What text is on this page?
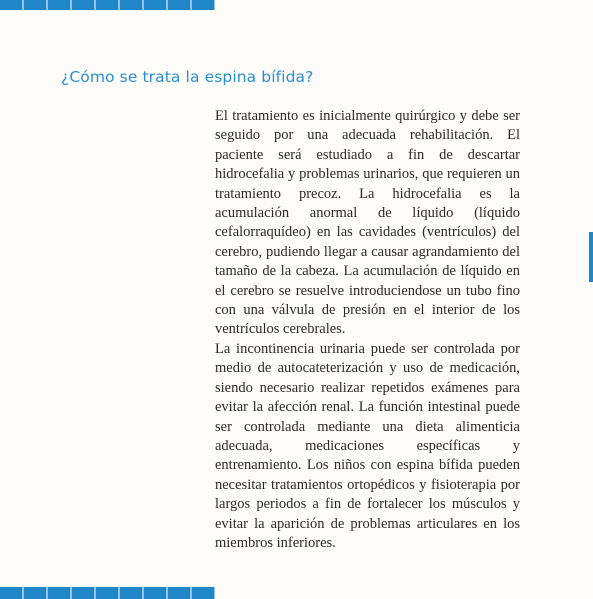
¿Cómo se trata la espina bífida?

El tratamiento es inicialmente quirúrgico y debe ser seguido por una adecuada rehabilitación. El paciente será estudiado a fin de descartar hidrocefalia y problemas urinarios, que requieren un tratamiento precoz. La hidrocefalia es la acumulación anormal de líquido (líquido cefalorraquídeo) en las cavidades (ventrículos) del cerebro, pudiendo llegar a causar agrandamiento del tamaño de la cabeza. La acumulación de líquido en el cerebro se resuelve introduciendose un tubo fino con una válvula de presión en el interior de los ventrículos cerebrales.

La incontinencia urinaria puede ser controlada por medio de autocateterización y uso de medicación, siendo necesario realizar repetidos exámenes para evitar la afección renal. La función intestinal puede ser controlada mediante una dieta alimenticia adecuada, medicaciones específicas y entrenamiento. Los niños con espina bífida pueden necesitar tratamientos ortopédicos y fisioterapia por largos periodos a fin de fortalecer los músculos y evitar la aparición de problemas articulares en los miembros inferiores.
